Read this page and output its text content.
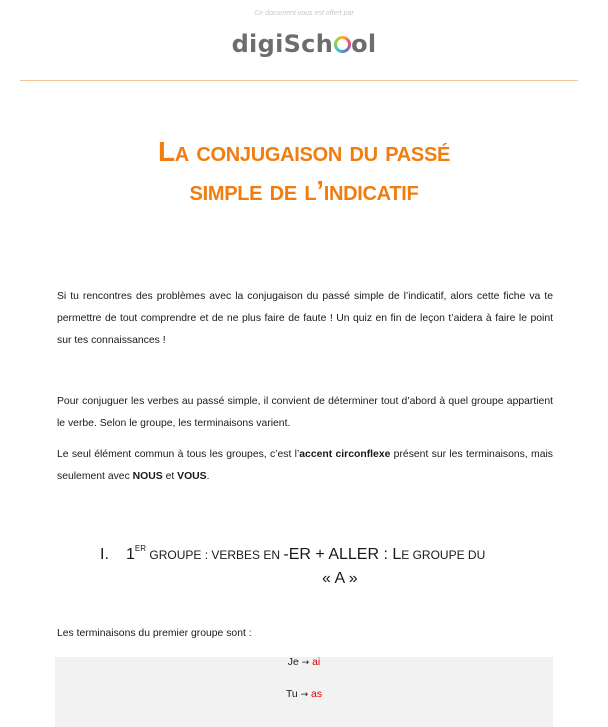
Ce document vous est offert par
digiSch ol
La conjugaison du passé
simple de l’indicatif
Si tu rencontres des problèmes avec la conjugaison du passé simple de l’indicatif, alors cette fiche va te permettre de tout comprendre et de ne plus faire de faute ! Un quiz en fin de leçon t’aidera à faire le point sur tes connaissances !
Pour conjuguer les verbes au passé simple, il convient de déterminer tout d’abord à quel groupe appartient le verbe. Selon le groupe, les terminaisons varient.
Le seul élément commun à tous les groupes, c’est l’accent circonflexe présent sur les terminaisons, mais seulement avec NOUS et VOUS.
I. 1ER GROUPE : VERBES EN -ER + ALLER : LE GROUPE DU
« A »
Les terminaisons du premier groupe sont :
Je → ai
Tu → as
